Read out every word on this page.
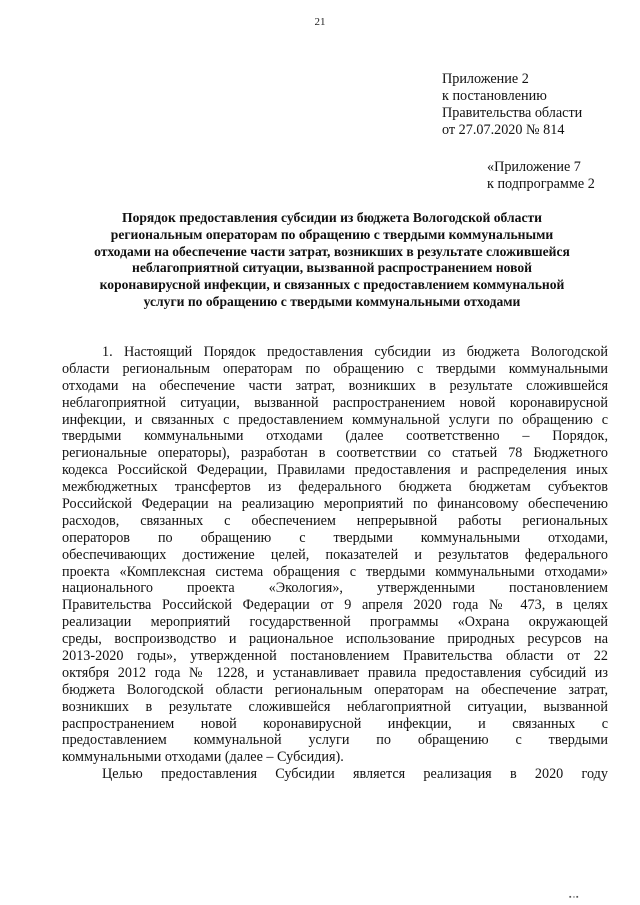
21
Приложение 2
к постановлению
Правительства области
от 27.07.2020 № 814
«Приложение 7
к подпрограмме 2
Порядок предоставления субсидии из бюджета Вологодской области
региональным операторам по обращению с твердыми коммунальными
отходами на обеспечение части затрат, возникших в результате сложившейся
неблагоприятной ситуации, вызванной распространением новой
коронавирусной инфекции, и связанных с предоставлением коммунальной
услуги по обращению с твердыми коммунальными отходами
1. Настоящий Порядок предоставления субсидии из бюджета Вологодской
области региональным операторам по обращению с твердыми коммунальными
отходами на обеспечение части затрат, возникших в результате сложившейся
неблагоприятной ситуации, вызванной распространением новой коронавирусной
инфекции, и связанных с предоставлением коммунальной услуги по обращению с
твердыми коммунальными отходами (далее соответственно – Порядок,
региональные операторы), разработан в соответствии со статьей 78 Бюджетного
кодекса Российской Федерации, Правилами предоставления и распределения иных
межбюджетных трансфертов из федерального бюджета бюджетам субъектов
Российской Федерации на реализацию мероприятий по финансовому обеспечению
расходов, связанных с обеспечением непрерывной работы региональных
операторов по обращению с твердыми коммунальными отходами,
обеспечивающих достижение целей, показателей и результатов федерального
проекта «Комплексная система обращения с твердыми коммунальными отходами»
национального проекта «Экология», утвержденными постановлением
Правительства Российской Федерации от 9 апреля 2020 года № 473, в целях
реализации мероприятий государственной программы «Охрана окружающей
среды, воспроизводство и рациональное использование природных ресурсов на
2013-2020 годы», утвержденной постановлением Правительства области от 22
октября 2012 года № 1228, и устанавливает правила предоставления субсидий из
бюджета Вологодской области региональным операторам на обеспечение затрат,
возникших в результате сложившейся неблагоприятной ситуации, вызванной
распространением новой коронавирусной инфекции, и связанных с
предоставлением коммунальной услуги по обращению с твердыми
коммунальными отходами (далее – Субсидия).
Целью предоставления Субсидии является реализация в 2020 году
▪▫▪
